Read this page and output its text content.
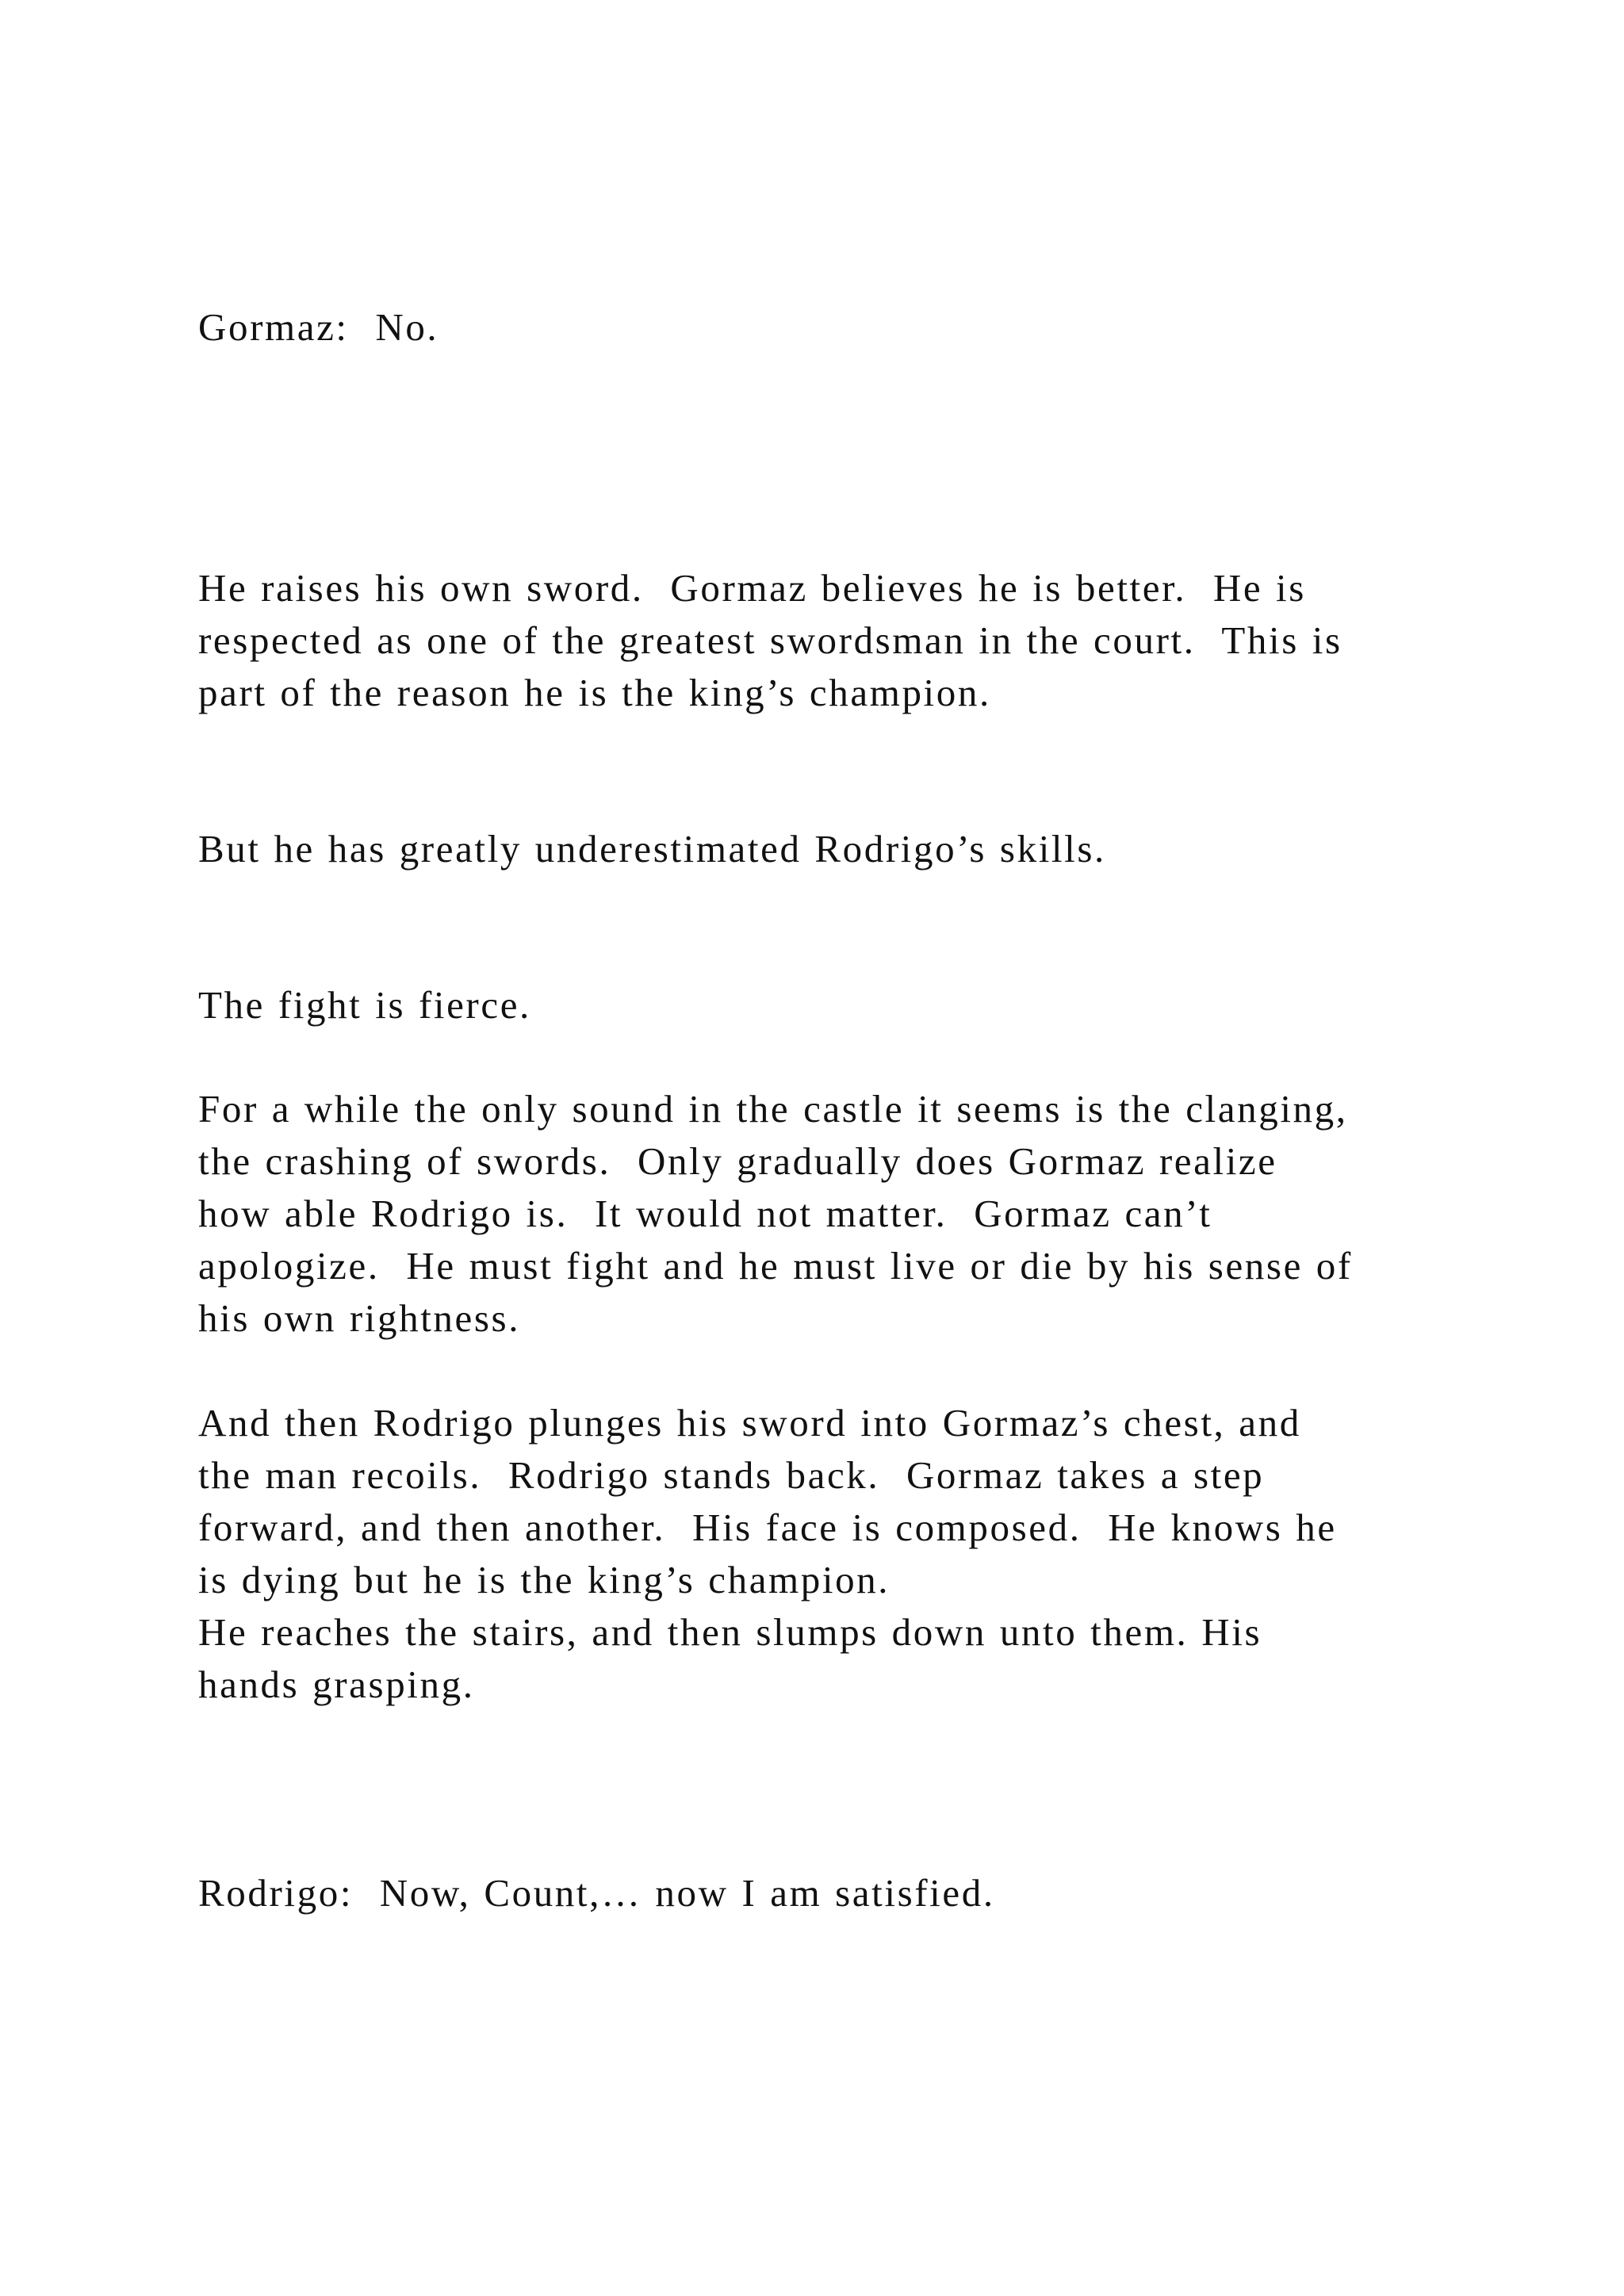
Gormaz:  No.

He raises his own sword.  Gormaz believes he is better.  He is

respected as one of the greatest swordsman in the court.  This is

part of the reason he is the king’s champion.

But he has greatly underestimated Rodrigo’s skills.

The fight is fierce.

For a while the only sound in the castle it seems is the clanging,

the crashing of swords.  Only gradually does Gormaz realize

how able Rodrigo is.  It would not matter.  Gormaz can’t

apologize.  He must fight and he must live or die by his sense of

his own rightness.

And then Rodrigo plunges his sword into Gormaz’s chest, and

the man recoils.  Rodrigo stands back.  Gormaz takes a step

forward, and then another.  His face is composed.  He knows he

is dying but he is the king’s champion.

He reaches the stairs, and then slumps down unto them. His

hands grasping.

Rodrigo:  Now, Count,… now I am satisfied.
